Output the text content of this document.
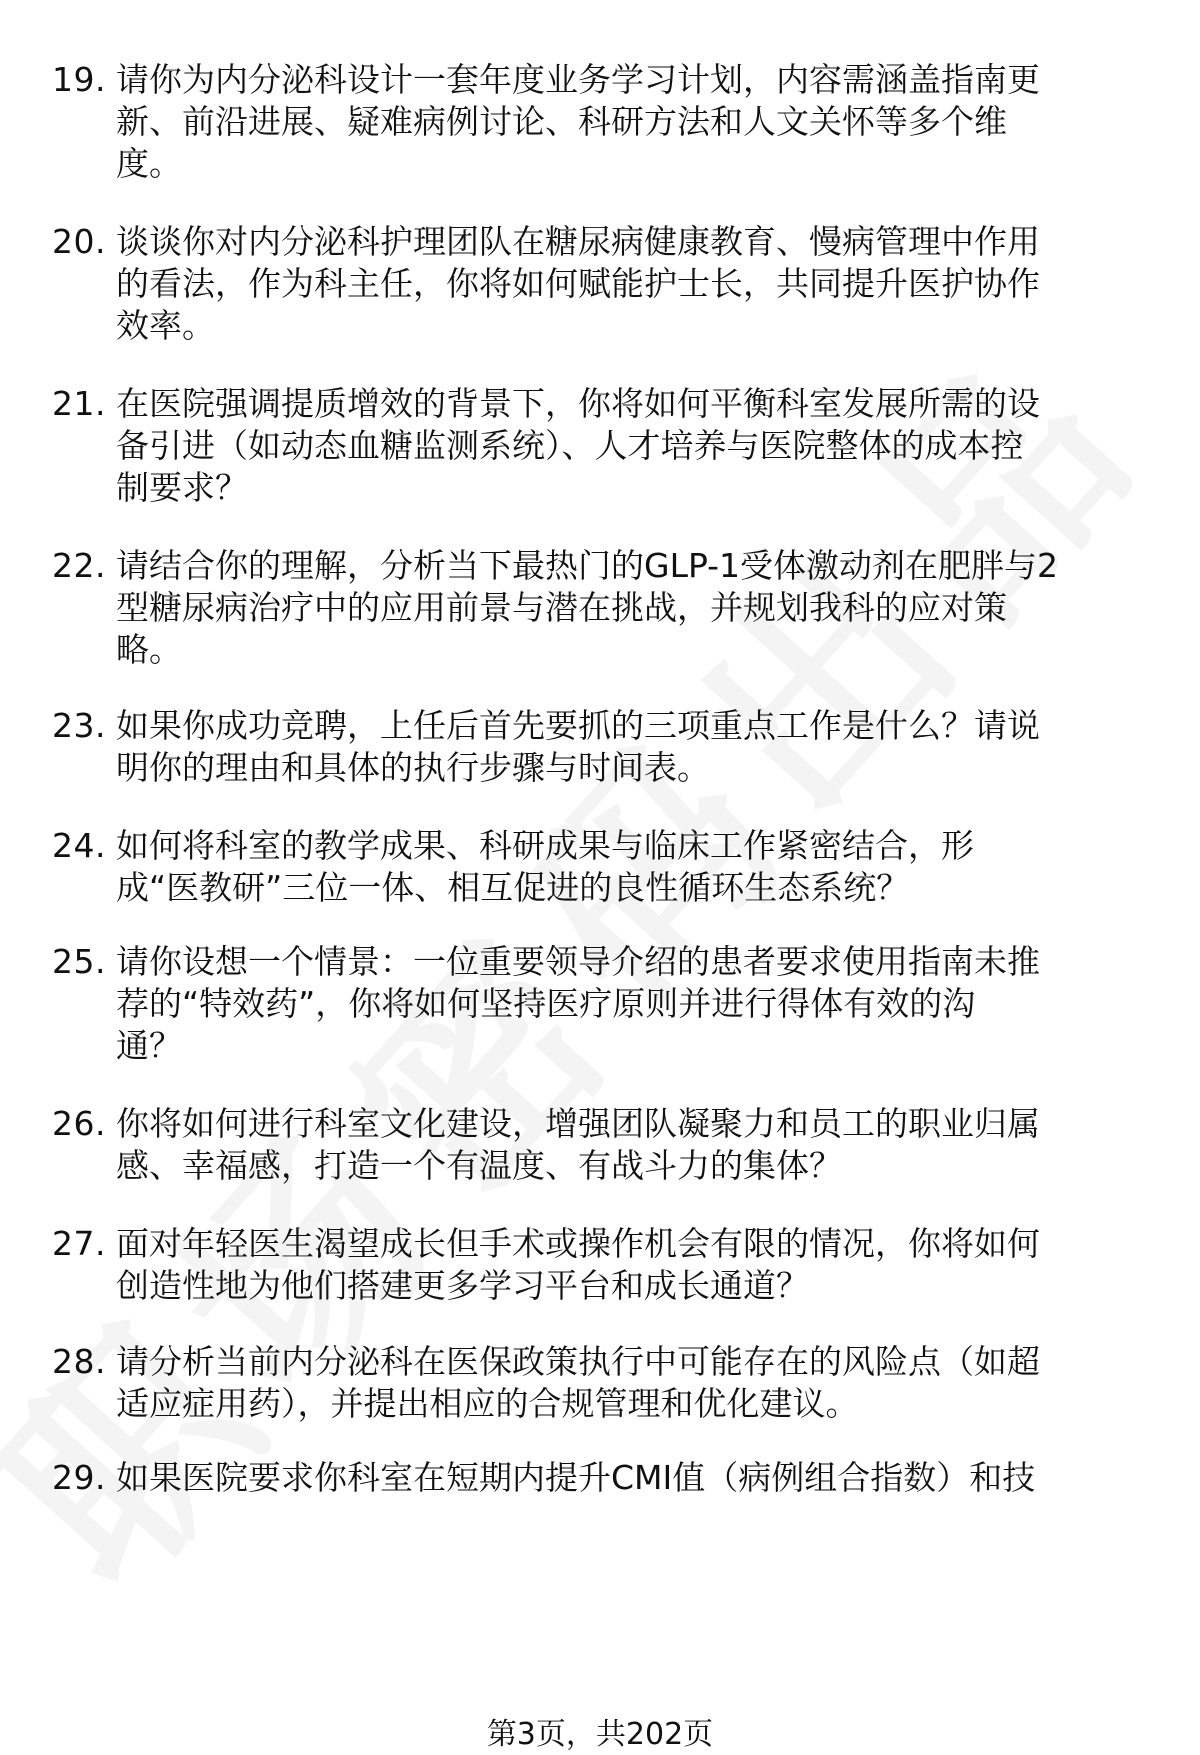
19. 请你为内分泌科设计一套年度业务学习计划，内容需涵盖指南更
新、前沿进展、疑难病例讨论、科研方法和人文关怀等多个维
度。
20. 谈谈你对内分泌科护理团队在糖尿病健康教育、慢病管理中作用
的看法，作为科主任，你将如何赋能护士长，共同提升医护协作
效率。
21. 在医院强调提质增效的背景下，你将如何平衡科室发展所需的设
备引进（如动态血糖监测系统）、人才培养与医院整体的成本控
制要求？
22. 请结合你的理解，分析当下最热门的GLP-1受体激动剂在肥胖与2
型糖尿病治疗中的应用前景与潜在挑战，并规划我科的应对策
略。
23. 如果你成功竞聘，上任后首先要抓的三项重点工作是什么？请说
明你的理由和具体的执行步骤与时间表。
24. 如何将科室的教学成果、科研成果与临床工作紧密结合，形
成“医教研”三位一体、相互促进的良性循环生态系统？
25. 请你设想一个情景：一位重要领导介绍的患者要求使用指南未推
荐的“特效药”，你将如何坚持医疗原则并进行得体有效的沟
通？
26. 你将如何进行科室文化建设，增强团队凝聚力和员工的职业归属
感、幸福感，打造一个有温度、有战斗力的集体？
27. 面对年轻医生渴望成长但手术或操作机会有限的情况，你将如何
创造性地为他们搭建更多学习平台和成长通道？
28. 请分析当前内分泌科在医保政策执行中可能存在的风险点（如超
适应症用药），并提出相应的合规管理和优化建议。
29. 如果医院要求你科室在短期内提升CMI值（病例组合指数）和技
第3页，共202页
